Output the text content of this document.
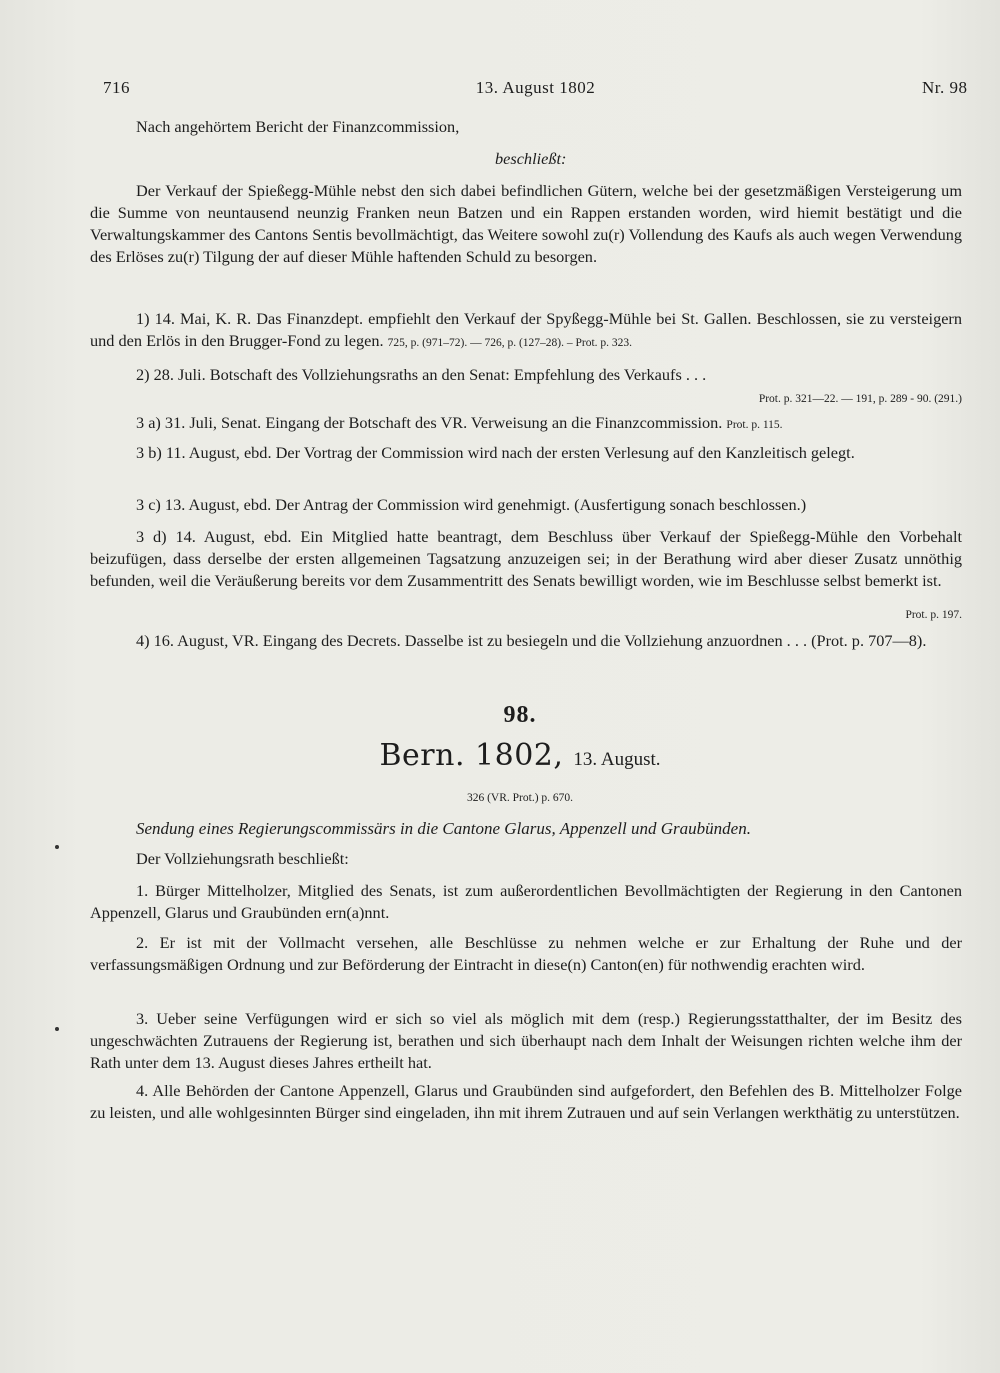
716	13. August 1802	Nr. 98
Nach angehörtem Bericht der Finanzcommission,
beschließt:
Der Verkauf der Spießegg-Mühle nebst den sich dabei befindlichen Gütern, welche bei der gesetzmäßigen Versteigerung um die Summe von neuntausend neunzig Franken neun Batzen und ein Rappen erstanden worden, wird hiemit bestätigt und die Verwaltungskammer des Cantons Sentis bevollmächtigt, das Weitere sowohl zu(r) Vollendung des Kaufs als auch wegen Verwendung des Erlöses zu(r) Tilgung der auf dieser Mühle haftenden Schuld zu besorgen.
1) 14. Mai, K. R. Das Finanzdept. empfiehlt den Verkauf der Spyßegg-Mühle bei St. Gallen. Beschlossen, sie zu versteigern und den Erlös in den Brugger-Fond zu legen. 725, p. (971–72). — 726, p. (127–28). – Prot. p. 323.
2) 28. Juli. Botschaft des Vollziehungsraths an den Senat: Empfehlung des Verkaufs . . .
Prot. p. 321—22. — 191, p. 289 - 90. (291.)
3 a) 31. Juli, Senat. Eingang der Botschaft des VR. Verweisung an die Finanzcommission. Prot. p. 115.
3 b) 11. August, ebd. Der Vortrag der Commission wird nach der ersten Verlesung auf den Kanzleitisch gelegt.
3 c) 13. August, ebd. Der Antrag der Commission wird genehmigt. (Ausfertigung sonach beschlossen.)
3 d) 14. August, ebd. Ein Mitglied hatte beantragt, dem Beschluss über Verkauf der Spießegg-Mühle den Vorbehalt beizufügen, dass derselbe der ersten allgemeinen Tagsatzung anzuzeigen sei; in der Berathung wird aber dieser Zusatz unnöthig befunden, weil die Veräußerung bereits vor dem Zusammentritt des Senats bewilligt worden, wie im Beschlusse selbst bemerkt ist.
Prot. p. 197.
4) 16. August, VR. Eingang des Decrets. Dasselbe ist zu besiegeln und die Vollziehung anzuordnen . . . (Prot. p. 707—8).
98.
Bern. 1802, 13. August.
326 (VR. Prot.) p. 670.
Sendung eines Regierungscommissärs in die Cantone Glarus, Appenzell und Graubünden.
Der Vollziehungsrath beschließt:
1. Bürger Mittelholzer, Mitglied des Senats, ist zum außerordentlichen Bevollmächtigten der Regierung in den Cantonen Appenzell, Glarus und Graubünden ern(a)nnt.
2. Er ist mit der Vollmacht versehen, alle Beschlüsse zu nehmen welche er zur Erhaltung der Ruhe und der verfassungsmäßigen Ordnung und zur Beförderung der Eintracht in diese(n) Canton(en) für nothwendig erachten wird.
3. Ueber seine Verfügungen wird er sich so viel als möglich mit dem (resp.) Regierungsstatthalter, der im Besitz des ungeschwächten Zutrauens der Regierung ist, berathen und sich überhaupt nach dem Inhalt der Weisungen richten welche ihm der Rath unter dem 13. August dieses Jahres ertheilt hat.
4. Alle Behörden der Cantone Appenzell, Glarus und Graubünden sind aufgefordert, den Befehlen des B. Mittelholzer Folge zu leisten, und alle wohlgesinnten Bürger sind eingeladen, ihn mit ihrem Zutrauen und auf sein Verlangen werkthätig zu unterstützen.
